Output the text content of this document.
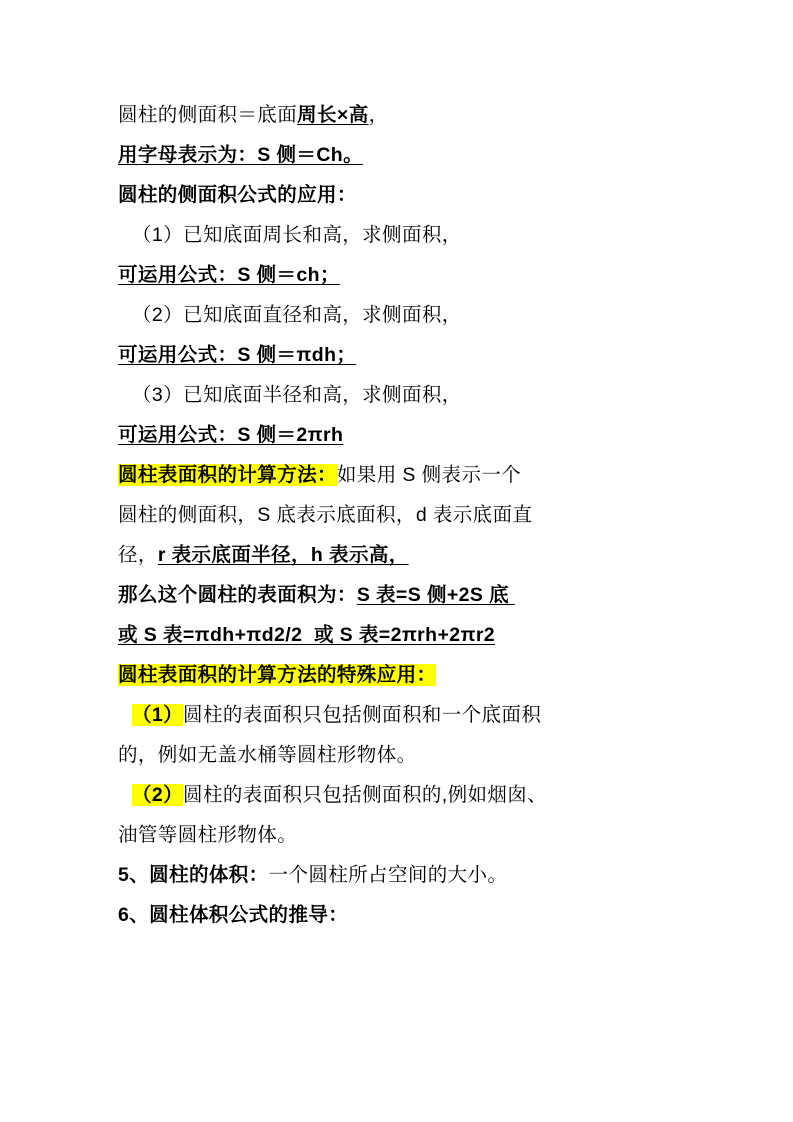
圆柱的侧面积＝底面周长×高，
用字母表示为：S 侧＝Ch。
圆柱的侧面积公式的应用：
（1）已知底面周长和高，求侧面积，
可运用公式：S 侧＝ch；
（2）已知底面直径和高，求侧面积，
可运用公式：S 侧＝πdh；
（3）已知底面半径和高，求侧面积，
可运用公式：S 侧＝2πrh
圆柱表面积的计算方法：如果用 S 侧表示一个
圆柱的侧面积，S 底表示底面积，d 表示底面直
径，r 表示底面半径，h 表示高，
那么这个圆柱的表面积为：S 表=S 侧+2S 底
或 S 表=πdh+πd2/2  或 S 表=2πrh+2πr2
圆柱表面积的计算方法的特殊应用：
（1）圆柱的表面积只包括侧面积和一个底面积
的，例如无盖水桶等圆柱形物体。
（2）圆柱的表面积只包括侧面积的,例如烟囱、
油管等圆柱形物体。
5、圆柱的体积：一个圆柱所占空间的大小。
6、圆柱体积公式的推导：
